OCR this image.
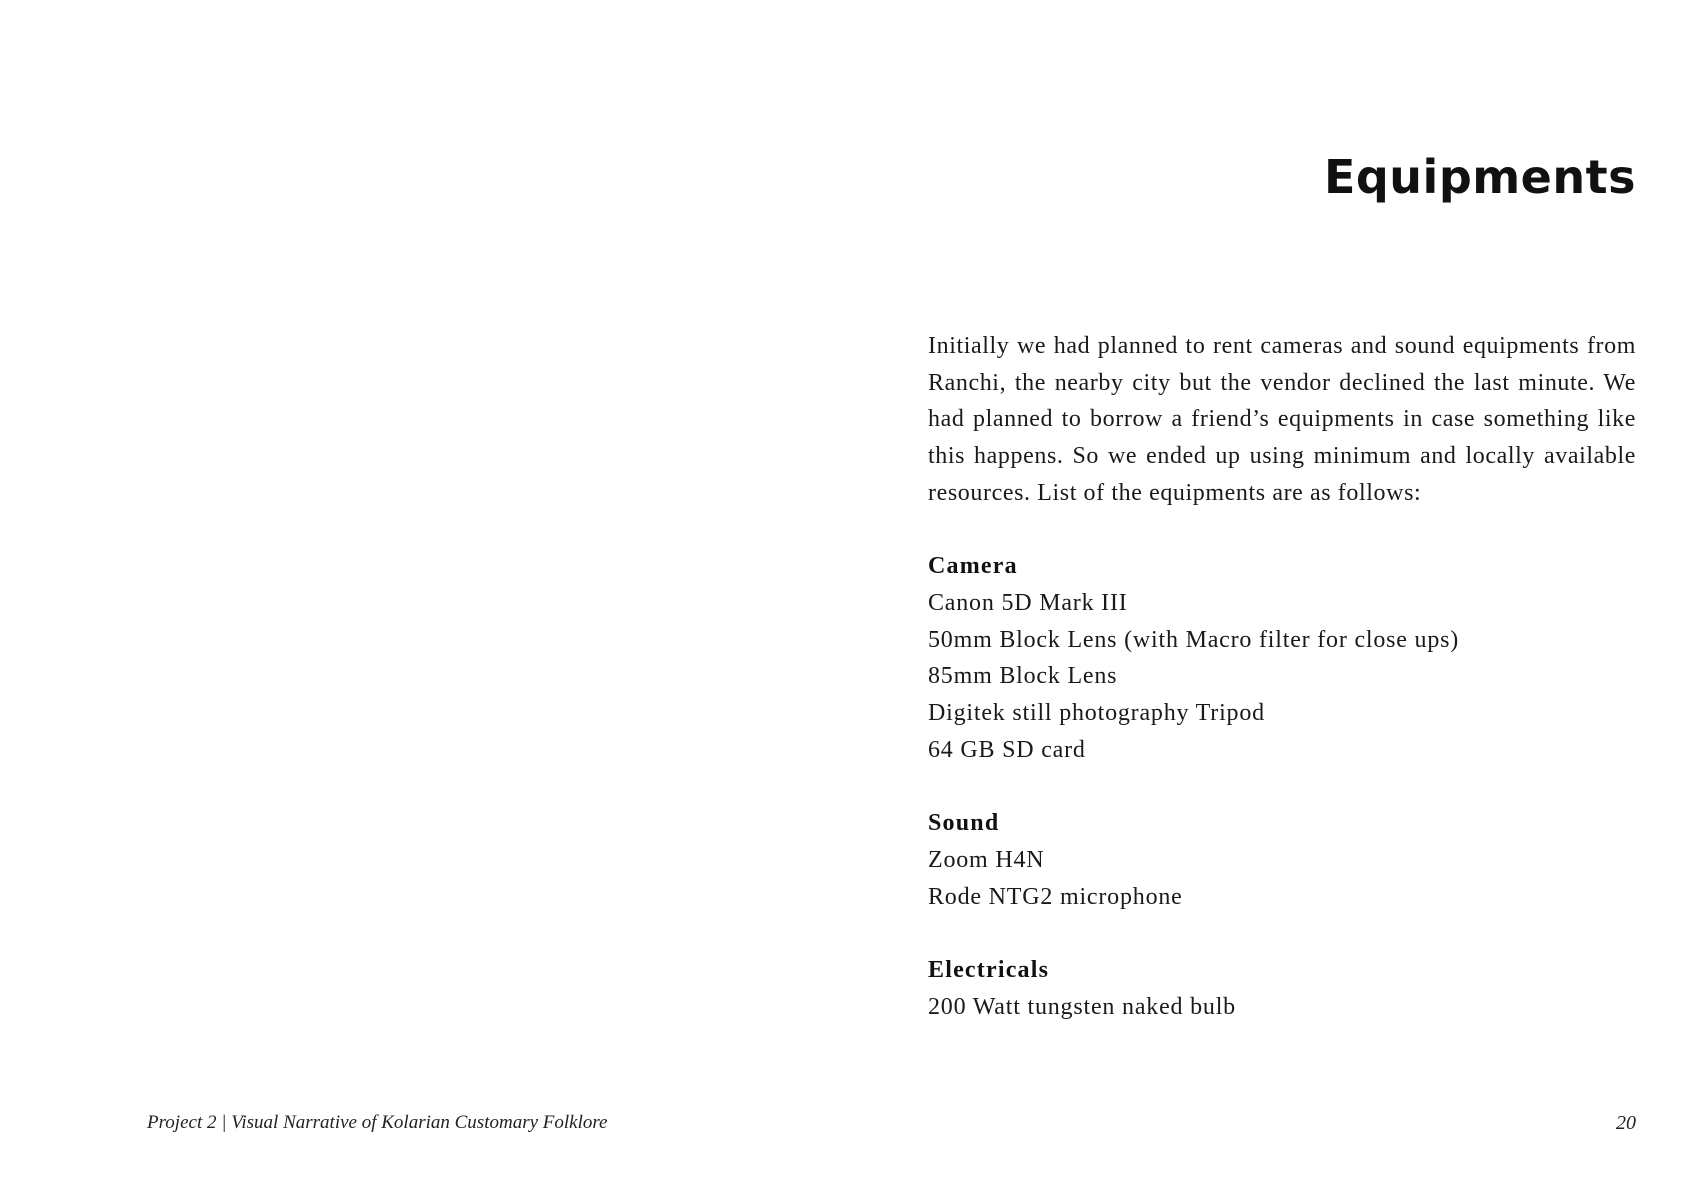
Equipments

Initially we had planned to rent cameras and sound equipments from Ranchi, the nearby city but the vendor declined the last minute. We had planned to borrow a friend’s equipments in case something like this happens. So we ended up using minimum and locally available resources. List of the equipments are as follows:

Camera
Canon 5D Mark III
50mm Block Lens (with Macro filter for close ups)
85mm Block Lens
Digitek still photography Tripod
64 GB SD card
Sound
Zoom H4N
Rode NTG2 microphone
Electricals
200 Watt tungsten naked bulb
Project 2 | Visual Narrative of Kolarian Customary Folklore	20
